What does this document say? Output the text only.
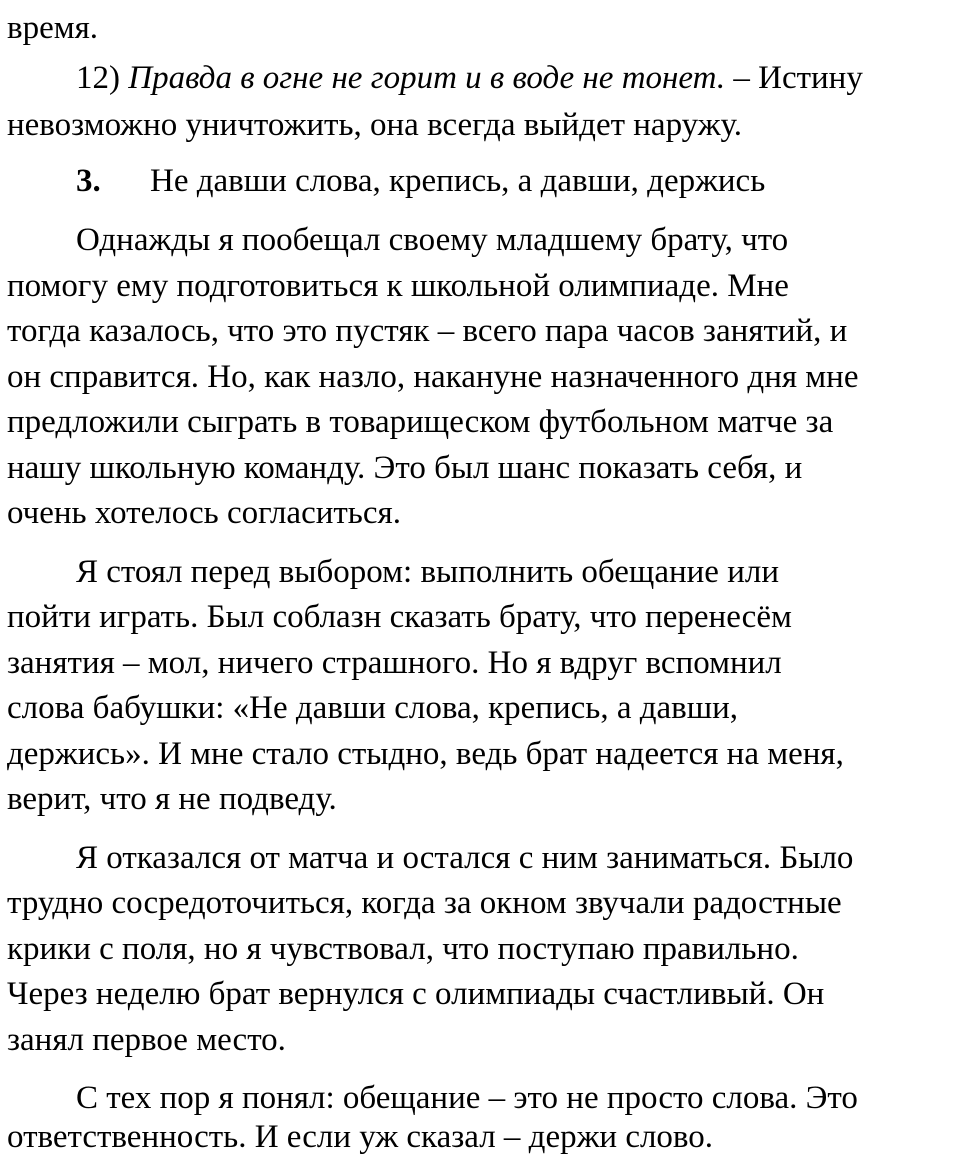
время.
12) Правда в огне не горит и в воде не тонет. – Истину
невозможно уничтожить, она всегда выйдет наружу.
3. Не давши слова, крепись, а давши, держись
Однажды я пообещал своему младшему брату, что
помогу ему подготовиться к школьной олимпиаде. Мне
тогда казалось, что это пустяк – всего пара часов занятий, и
он справится. Но, как назло, накануне назначенного дня мне
предложили сыграть в товарищеском футбольном матче за
нашу школьную команду. Это был шанс показать себя, и
очень хотелось согласиться.
Я стоял перед выбором: выполнить обещание или
пойти играть. Был соблазн сказать брату, что перенесём
занятия – мол, ничего страшного. Но я вдруг вспомнил
слова бабушки: «Не давши слова, крепись, а давши,
держись». И мне стало стыдно, ведь брат надеется на меня,
верит, что я не подведу.
Я отказался от матча и остался с ним заниматься. Было
трудно сосредоточиться, когда за окном звучали радостные
крики с поля, но я чувствовал, что поступаю правильно.
Через неделю брат вернулся с олимпиады счастливый. Он
занял первое место.
С тех пор я понял: обещание – это не просто слова. Это
ответственность. И если уж сказал – держи слово.
